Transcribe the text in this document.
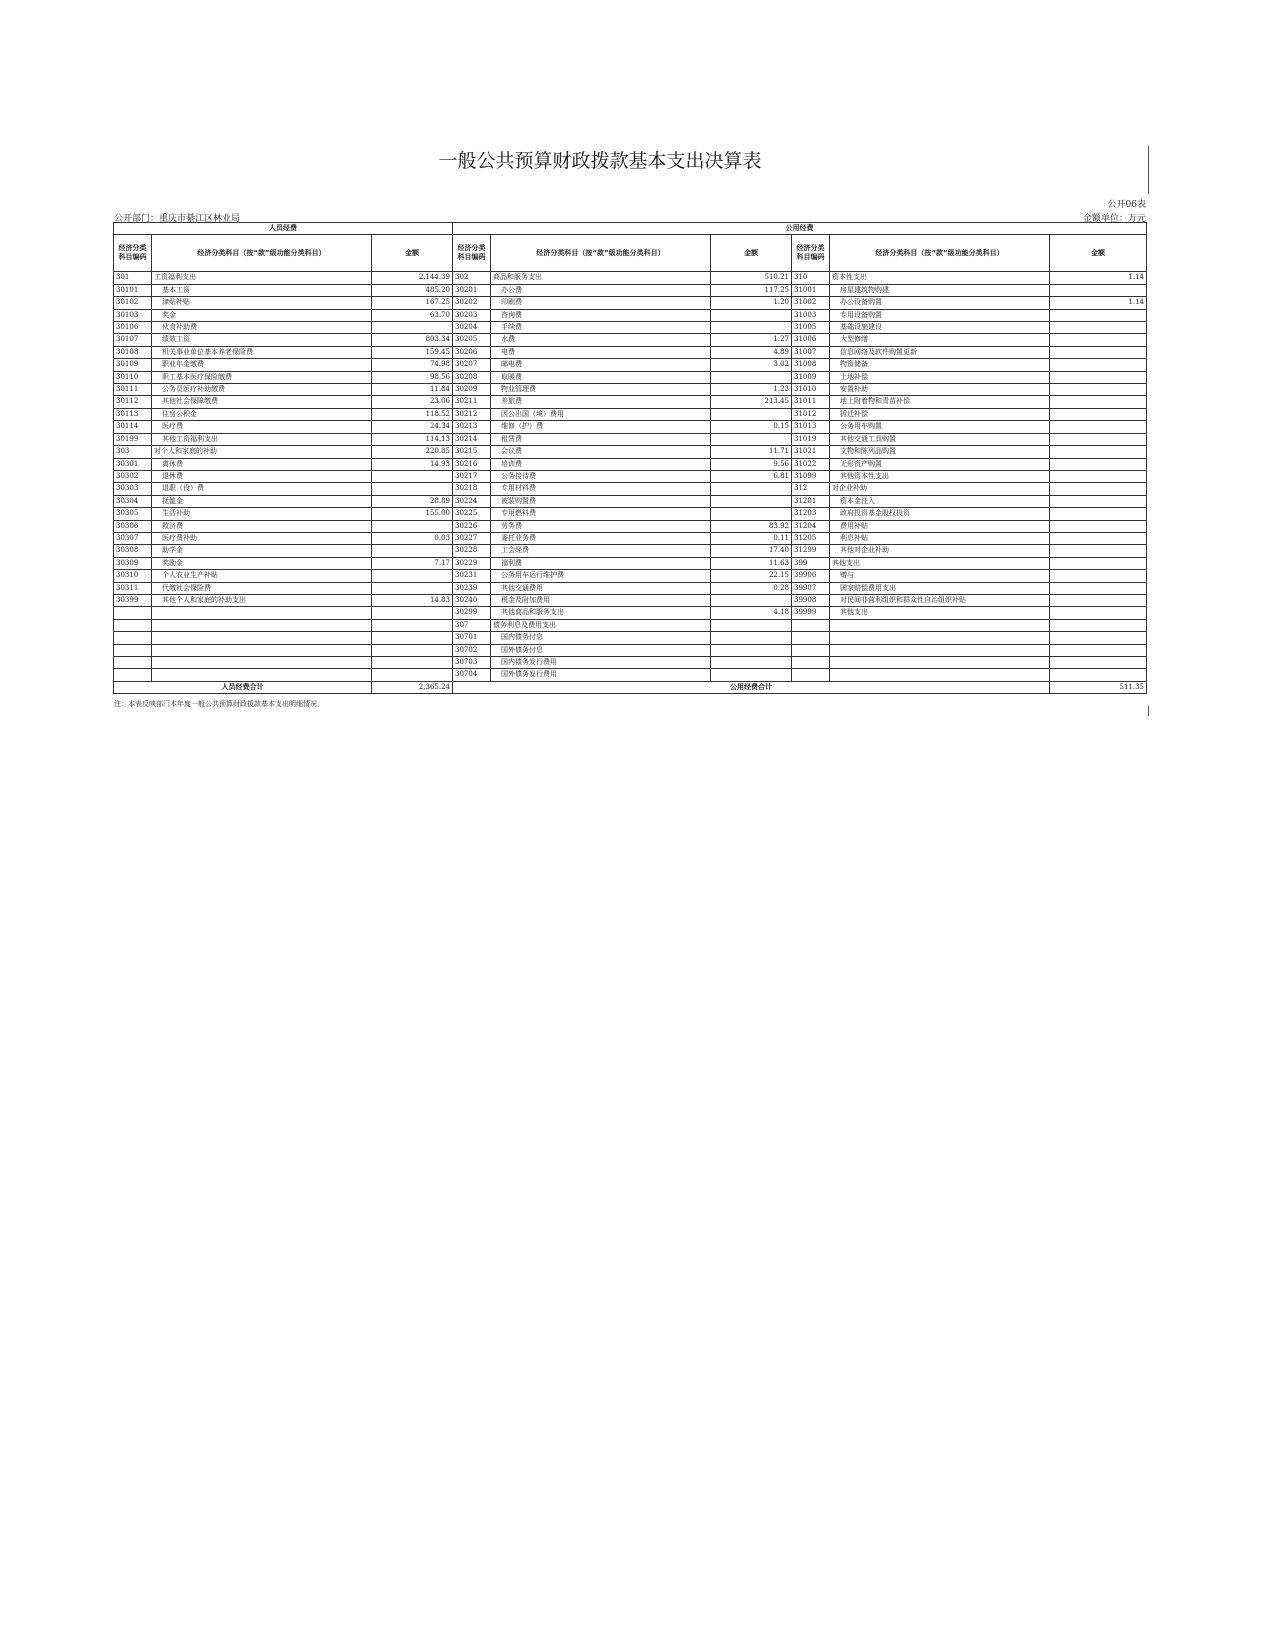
一般公共预算财政拨款基本支出决算表
公开06表
公开部门：重庆市綦江区林业局	金额单位：万元
人员经费			公用经费					
经济分类科目编码	经济分类科目（按“款”级功能分类科目）	金额	经济分类科目编码	经济分类科目（按“款”级功能分类科目）	金额	经济分类科目编码	经济分类科目（按“款”级功能分类科目）	金额
301	工资福利支出	2,144.39	302	商品和服务支出	510.21	310	资本性支出	1.14
30101	基本工资	485.20	30201	办公费	117.25	31001	房屋建筑物购建	
30102	津贴补贴	167.25	30202	印刷费	1.20	31002	办公设备购置	1.14
30103	奖金	63.70	30203	咨询费		31003	专用设备购置	
30106	伙食补助费		30204	手续费		31005	基础设施建设	
30107	绩效工资	803.34	30205	水费	1.27	31006	大型修缮	
30108	机关事业单位基本养老保险费	159.45	30206	电费	4.89	31007	信息网络及软件购置更新	
30109	职业年金缴费	74.98	30207	邮电费	3.02	31008	物资储备	
30110	职工基本医疗保险缴费	98.56	30208	取暖费		31009	土地补偿	
30111	公务员医疗补助缴费	11.84	30209	物业管理费	1.23	31010	安置补助	
30112	其他社会保障缴费	23.06	30211	差旅费	213.45	31011	地上附着物和青苗补偿	
30113	住房公积金	118.52	30212	因公出国（境）费用		31012	拆迁补偿	
30114	医疗费	24.34	30213	维修（护）费	0.15	31013	公务用车购置	
30199	其他工资福利支出	114.13	30214	租赁费		31019	其他交通工具购置	
303	对个人和家庭的补助	220.85	30215	会议费	11.71	31021	文物和陈列品购置	
30301	离休费	14.93	30216	培训费	9.56	31022	无形资产购置	
30302	退休费		30217	公务接待费	6.81	31099	其他资本性支出	
30303	退职（役）费		30218	专用材料费		312	对企业补助	
30304	抚恤金	28.89	30224	被装购置费		31201	资本金注入	
30305	生活补助	155.00	30225	专用燃料费		31203	政府投资基金股权投资	
30306	救济费		30226	劳务费	83.92	31204	费用补贴	
30307	医疗费补助	0.03	30227	委托业务费	0.11	31205	利息补贴	
30308	助学金		30228	工会经费	17.40	31299	其他对企业补助	
30309	奖励金	7.17	30229	福利费	11.63	399	其他支出	
30310	个人农业生产补贴		30231	公务用车运行维护费	22.15	39906	赠与	
30311	代缴社会保险费		30239	其他交通费用	0.28	39907	国家赔偿费用支出	
30399	其他个人和家庭的补助支出	14.83	30240	税金及附加费用		39908	对民间非营利组织和群众性自治组织补贴	
			30299	其他商品和服务支出	4.18	39999	其他支出	
			307	债务利息及费用支出				
			30701	国内债务付息				
			30702	国外债务付息				
			30703	国内债务发行费用				
			30704	国外债务发行费用				
人员经费合计		2,365.24	公用经费合计					511.35
注：本表反映部门本年度一般公共预算财政拨款基本支出明细情况。
